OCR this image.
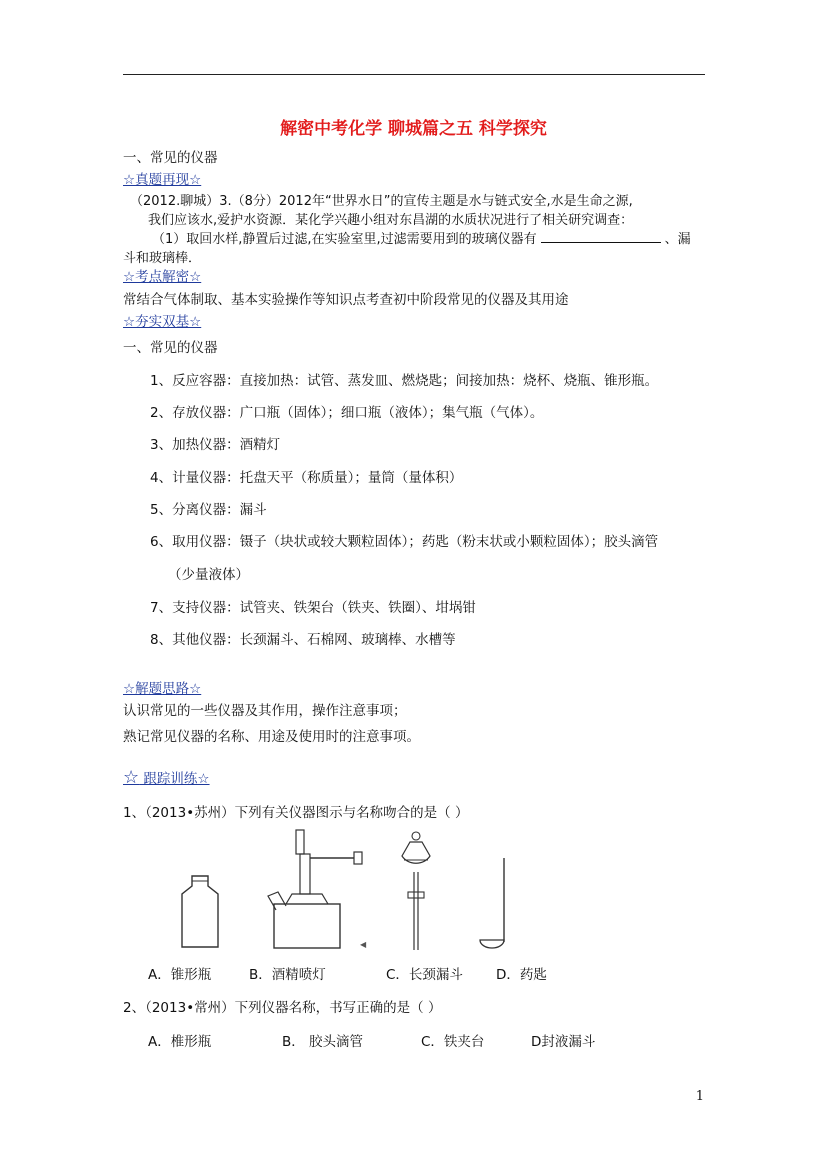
解密中考化学 聊城篇之五 科学探究
一、常见的仪器
☆真题再现☆
（2012.聊城）3.（8分）2012年“世界水日”的宣传主题是水与链式安全,水是生命之源,
我们应该水,爱护水资源．某化学兴趣小组对东昌湖的水质状况进行了相关研究调查：
（1）取回水样,静置后过滤,在实验室里,过滤需要用到的玻璃仪器有	、漏
斗和玻璃棒．
☆考点解密☆
常结合气体制取、基本实验操作等知识点考查初中阶段常见的仪器及其用途
☆夯实双基☆
一、常见的仪器
1、反应容器：直接加热：试管、蒸发皿、燃烧匙；间接加热：烧杯、烧瓶、锥形瓶。
2、存放仪器：广口瓶（固体）；细口瓶（液体）；集气瓶（气体）。
3、加热仪器：酒精灯
4、计量仪器：托盘天平（称质量）；量筒（量体积）
5、分离仪器：漏斗
6、取用仪器：镊子（块状或较大颗粒固体）；药匙（粉末状或小颗粒固体）；胶头滴管
（少量液体）
7、支持仪器：试管夹、铁架台（铁夹、铁圈）、坩埚钳
8、其他仪器：长颈漏斗、石棉网、玻璃棒、水槽等
☆解题思路☆
认识常见的一些仪器及其作用，操作注意事项；
熟记常见仪器的名称、用途及使用时的注意事项。
☆ 跟踪训练☆
1、（2013•苏州）下列有关仪器图示与名称吻合的是（ ）
◀
A．锥形瓶	B．酒精喷灯	C．长颈漏斗 D．药匙
2、（2013•常州）下列仪器名称，书写正确的是（ ）
A．椎形瓶	B． 胶头滴管	C．铁夹台	D封液漏斗
1
